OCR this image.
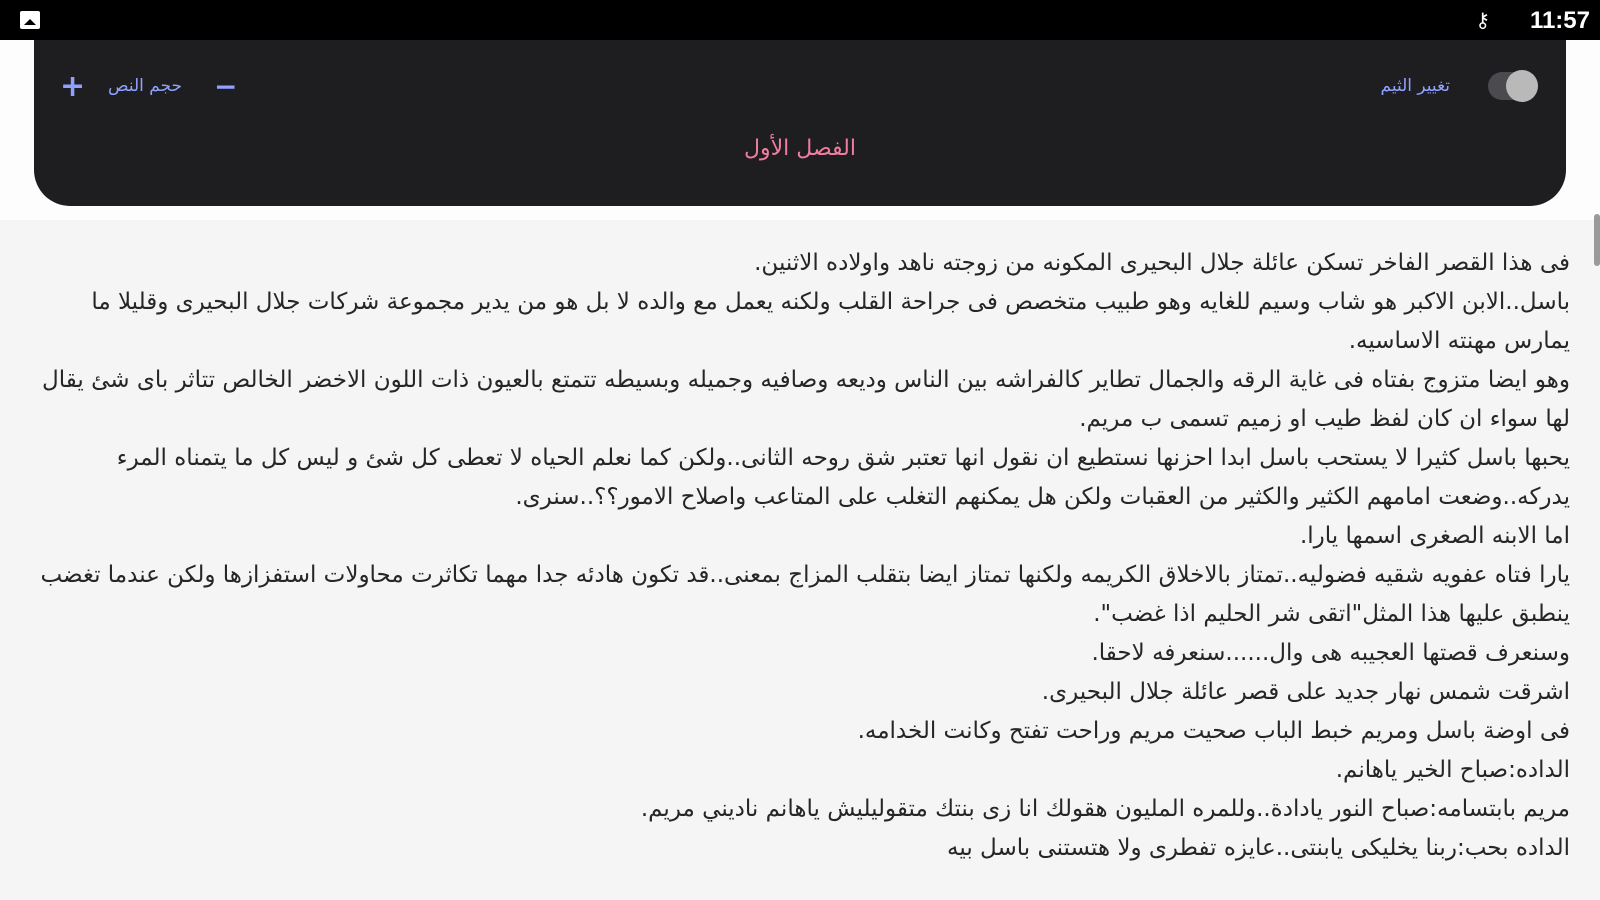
⚷ 11:57
+ حجم النص −	تغيير الثيم
الفصل الأول

فى هذا القصر الفاخر تسكن عائلة جلال البحيرى المكونه من زوجته ناهد واولاده الاثنين.

باسل..الابن الاكبر هو شاب وسيم للغايه وهو طبيب متخصص فى جراحة القلب ولكنه يعمل مع والده لا بل هو من يدير مجموعة شركات جلال البحيرى وقليلا ما يمارس مهنته الاساسيه.

وهو ايضا متزوج بفتاه فى غاية الرقه والجمال تطاير كالفراشه بين الناس وديعه وصافيه وجميله وبسيطه تتمتع بالعيون ذات اللون الاخضر الخالص تتاثر باى شئ يقال لها سواء ان كان لفظ طيب او زميم تسمى ب مريم.

يحبها باسل كثيرا لا يستحب باسل ابدا احزنها نستطيع ان نقول انها تعتبر شق روحه الثانى..ولكن كما نعلم الحياه لا تعطى كل شئ و ليس كل ما يتمناه المرء يدركه..وضعت امامهم الكثير والكثير من العقبات ولكن هل يمكنهم التغلب على المتاعب واصلاح الامور؟؟..سنرى.

اما الابنه الصغرى اسمها يارا.

يارا فتاه عفويه شقيه فضوليه..تمتاز بالاخلاق الكريمه ولكنها تمتاز ايضا بتقلب المزاج بمعنى..قد تكون هادئه جدا مهما تكاثرت محاولات استفزازها ولكن عندما تغضب ينطبق عليها هذا المثل"اتقى شر الحليم اذا غضب".

وسنعرف قصتها العجيبه هى وال......سنعرفه لاحقا.

اشرقت شمس نهار جديد على قصر عائلة جلال البحيرى.

فى اوضة باسل ومريم خبط الباب صحيت مريم وراحت تفتح وكانت الخدامه.

الداده:صباح الخير ياهانم.

مريم بابتسامه:صباح النور يادادة..وللمره المليون هقولك انا زى بنتك متقوليليش ياهانم ناديني مريم.

الداده بحب:ربنا يخليكى يابنتى..عايزه تفطرى ولا هتستنى باسل بيه
